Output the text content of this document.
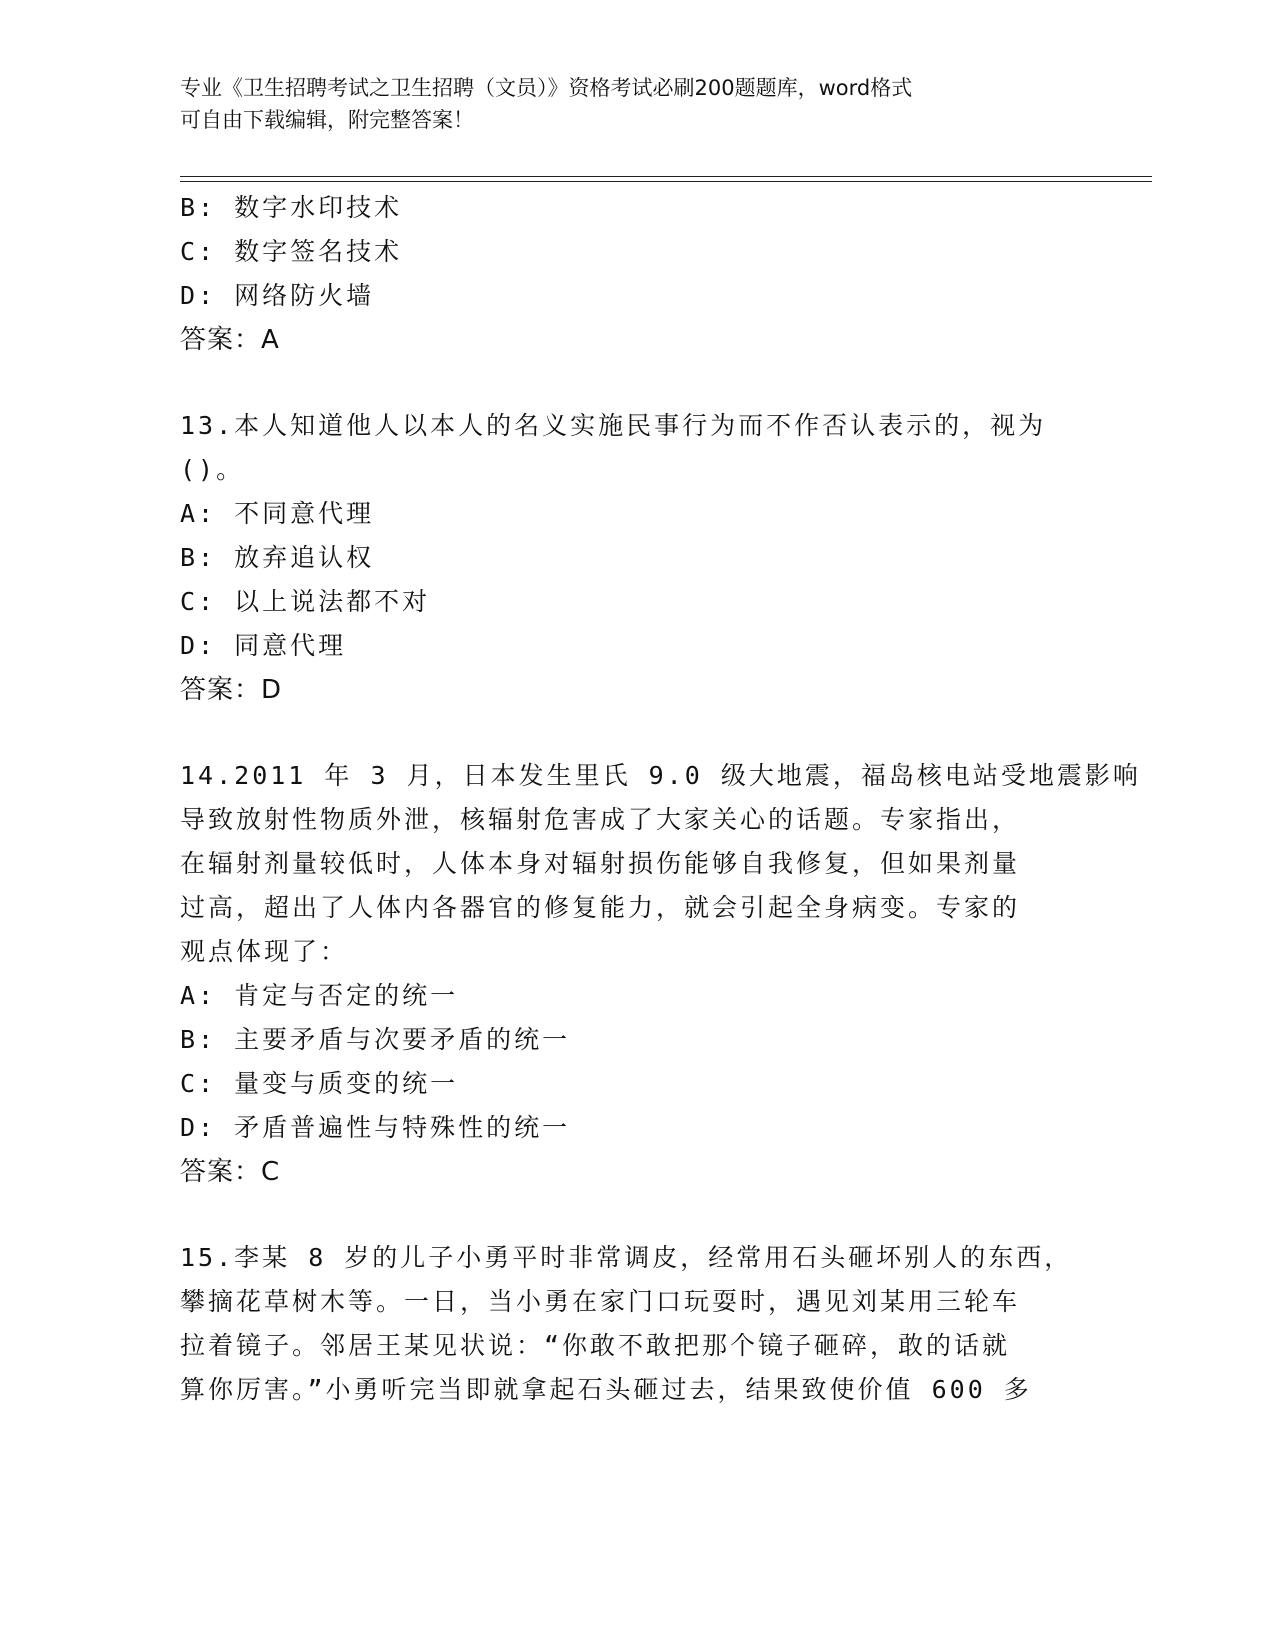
专业《卫生招聘考试之卫生招聘（文员）》资格考试必刷200题题库，word格式
可自由下载编辑，附完整答案！
B: 数字水印技术
C: 数字签名技术
D: 网络防火墙
答案：A
13.本人知道他人以本人的名义实施民事行为而不作否认表示的，视为
()。
A: 不同意代理
B: 放弃追认权
C: 以上说法都不对
D: 同意代理
答案：D
14.2011 年 3 月，日本发生里氏 9.0 级大地震，福岛核电站受地震影响
导致放射性物质外泄，核辐射危害成了大家关心的话题。专家指出，
在辐射剂量较低时，人体本身对辐射损伤能够自我修复，但如果剂量
过高，超出了人体内各器官的修复能力，就会引起全身病变。专家的
观点体现了：
A: 肯定与否定的统一
B: 主要矛盾与次要矛盾的统一
C: 量变与质变的统一
D: 矛盾普遍性与特殊性的统一
答案：C
15.李某 8 岁的儿子小勇平时非常调皮，经常用石头砸坏别人的东西，
攀摘花草树木等。一日，当小勇在家门口玩耍时，遇见刘某用三轮车
拉着镜子。邻居王某见状说：“你敢不敢把那个镜子砸碎，敢的话就
算你厉害。”小勇听完当即就拿起石头砸过去，结果致使价值 600 多
